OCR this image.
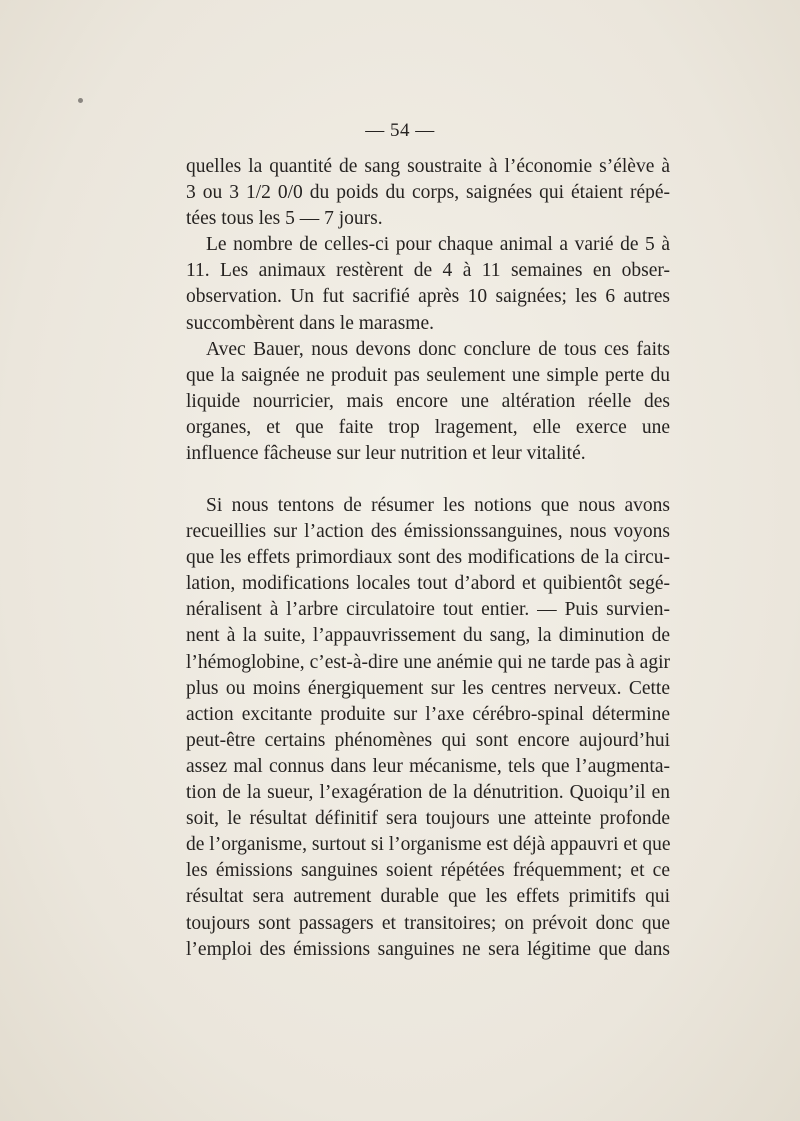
— 54 —

quelles la quantité de sang soustraite à l’économie s’élève à
3 ou 3 1/2 0/0 du poids du corps, saignées qui étaient répé-
tées tous les 5 — 7 jours.

Le nombre de celles-ci pour chaque animal a varié de 5 à
11. Les animaux restèrent de 4 à 11 semaines en obser-
observation. Un fut sacrifié après 10 saignées; les 6 autres
succombèrent dans le marasme.

Avec Bauer, nous devons donc conclure de tous ces faits
que la saignée ne produit pas seulement une simple perte du
liquide nourricier, mais encore une altération réelle des
organes, et que faite trop lragement, elle exerce une
influence fâcheuse sur leur nutrition et leur vitalité.

Si nous tentons de résumer les notions que nous avons
recueillies sur l’action des émissionssanguines, nous voyons
que les effets primordiaux sont des modifications de la circu-
lation, modifications locales tout d’abord et quibientôt segé-
néralisent à l’arbre circulatoire tout entier. — Puis survien-
nent à la suite, l’appauvrissement du sang, la diminution de
l’hémoglobine, c’est-à-dire une anémie qui ne tarde pas à agir
plus ou moins énergiquement sur les centres nerveux. Cette
action excitante produite sur l’axe cérébro-spinal détermine
peut-être certains phénomènes qui sont encore aujourd’hui
assez mal connus dans leur mécanisme, tels que l’augmenta-
tion de la sueur, l’exagération de la dénutrition. Quoiqu’il en
soit, le résultat définitif sera toujours une atteinte profonde
de l’organisme, surtout si l’organisme est déjà appauvri et que
les émissions sanguines soient répétées fréquemment; et ce
résultat sera autrement durable que les effets primitifs qui
toujours sont passagers et transitoires; on prévoit donc que
l’emploi des émissions sanguines ne sera légitime que dans
